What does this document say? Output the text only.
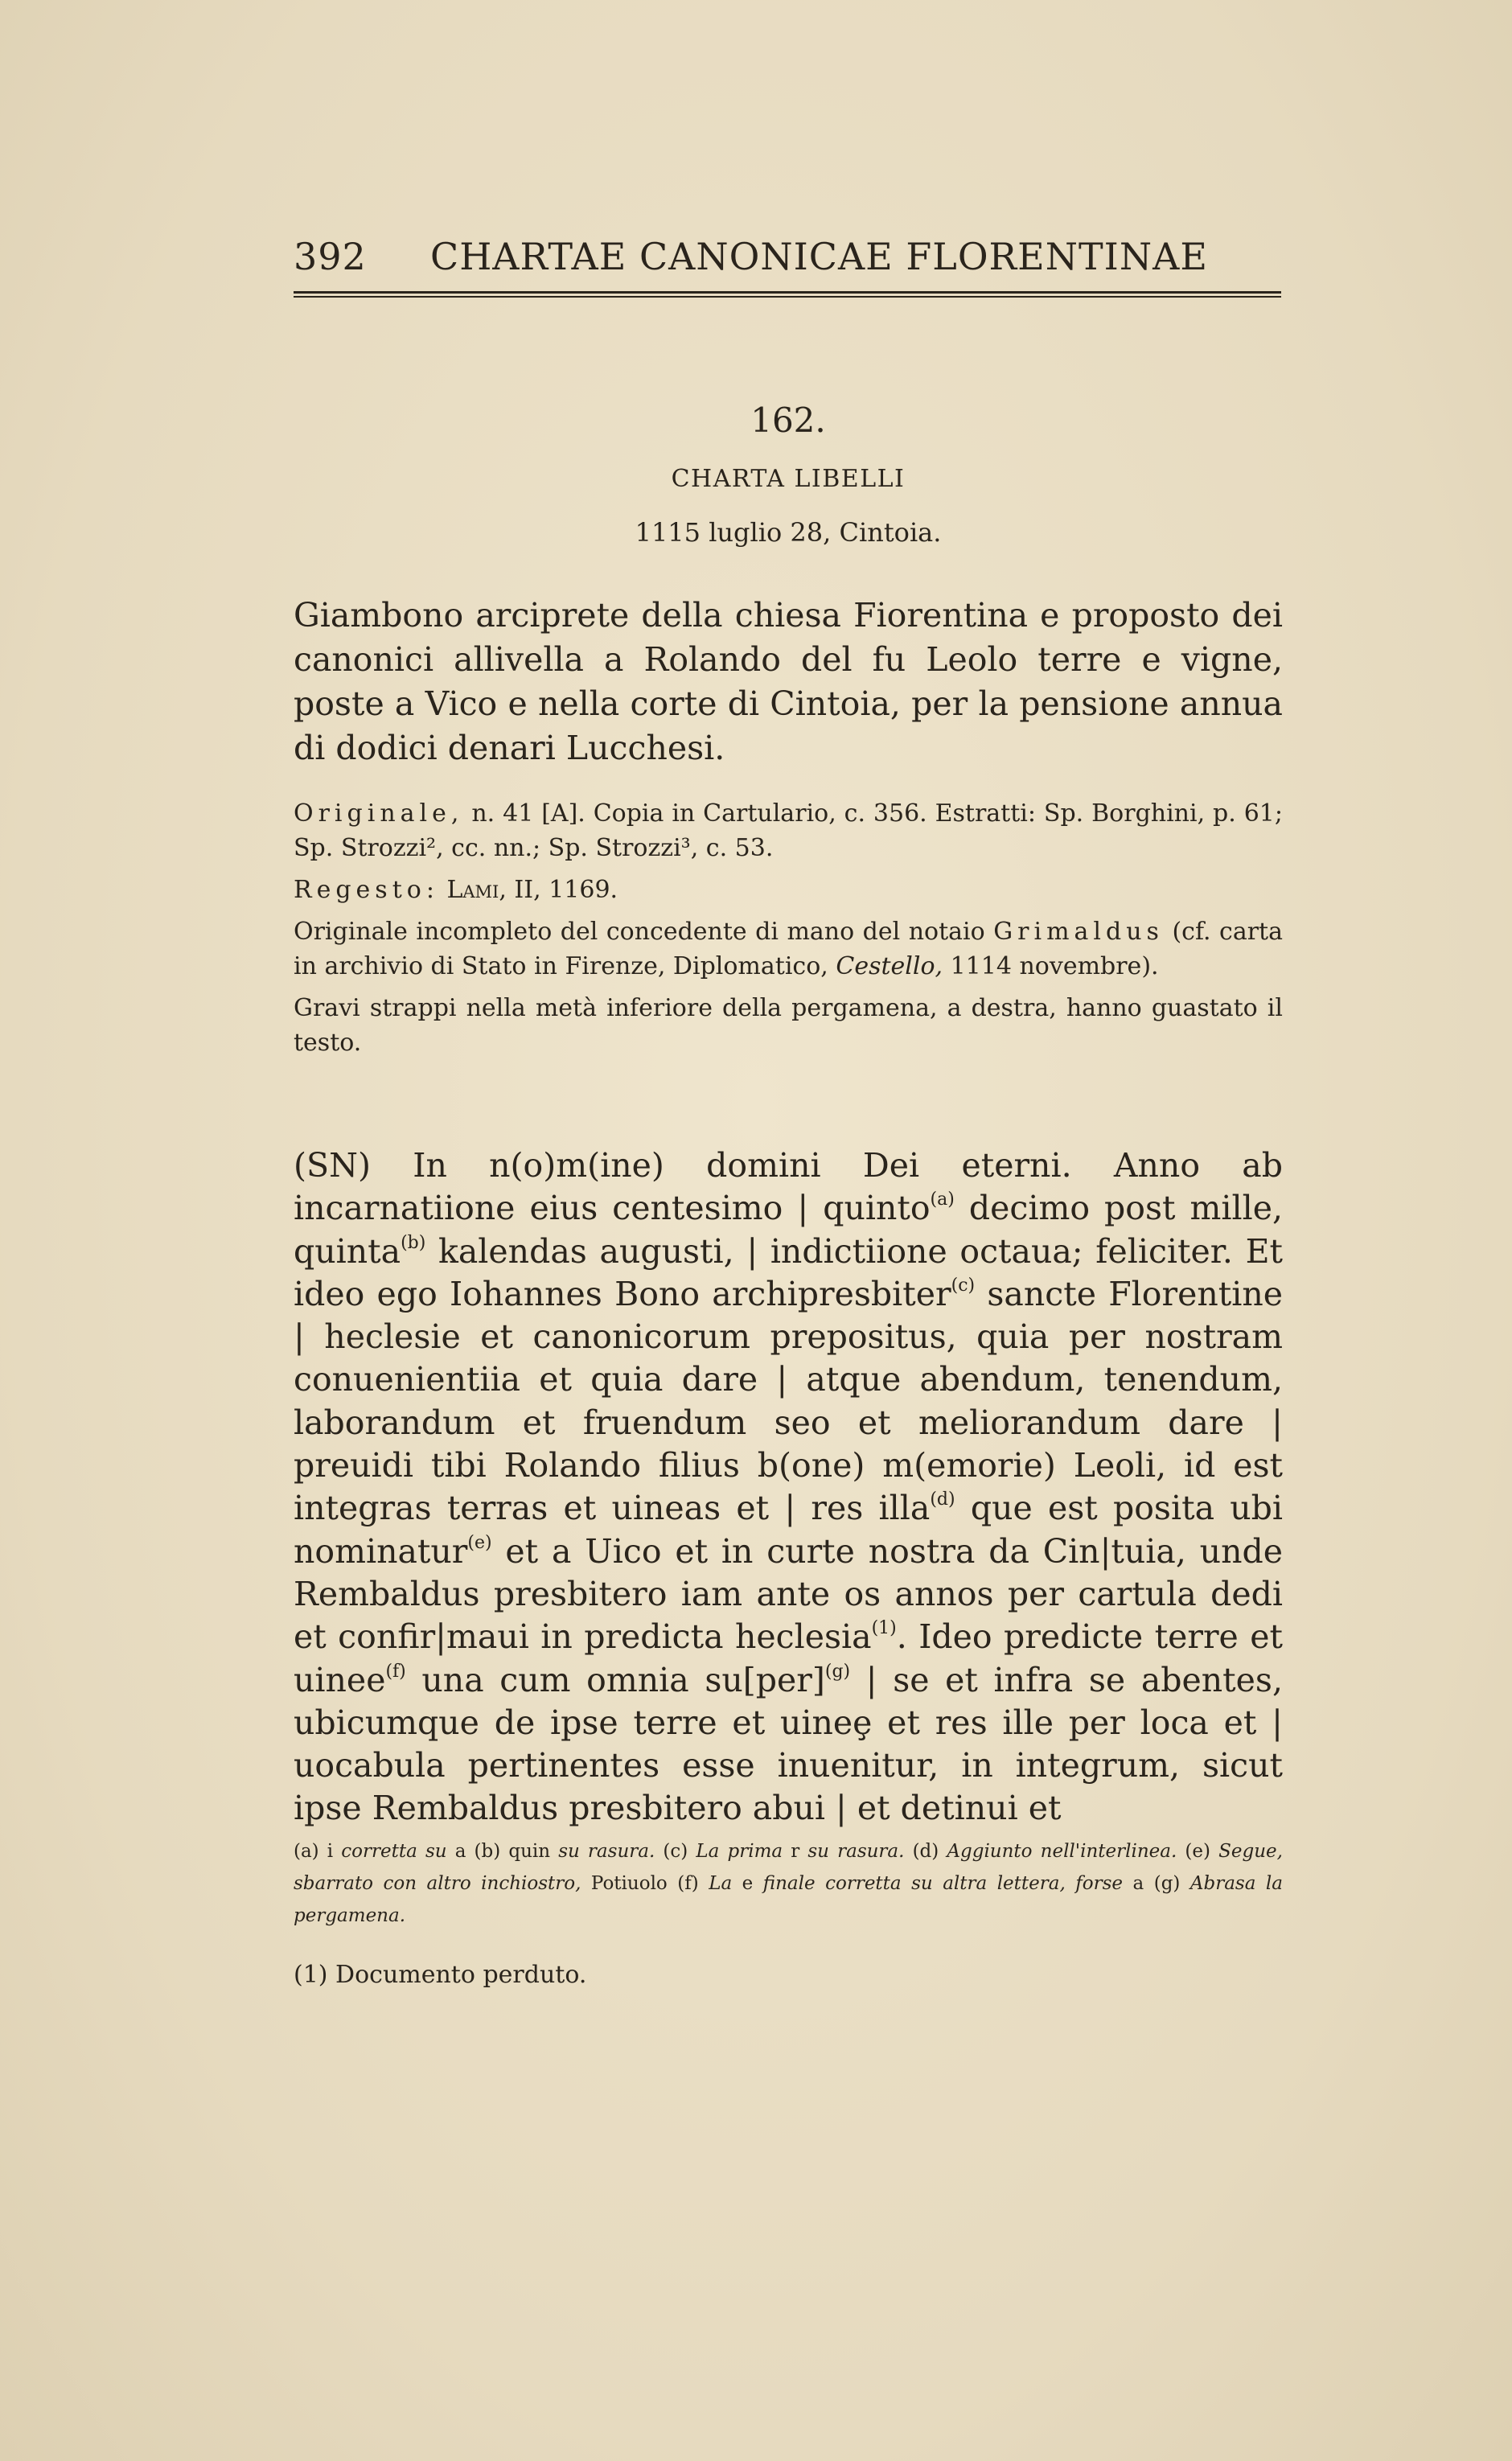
392 CHARTAE CANONICAE FLORENTINAE
162.
CHARTA LIBELLI
1115 luglio 28, Cintoia.
Giambono arciprete della chiesa Fiorentina e proposto dei canonici allivella a Rolando del fu Leolo terre e vigne, poste a Vico e nella corte di Cintoia, per la pensione annua di dodici denari Lucchesi.

Originale, n. 41 [A]. Copia in Cartulario, c. 356. Estratti: Sp. Borghini, p. 61; Sp. Strozzi², cc. nn.; Sp. Strozzi³, c. 53.

Regesto: Lami, II, 1169.

Originale incompleto del concedente di mano del notaio Grimaldus (cf. carta in archivio di Stato in Firenze, Diplomatico, Cestello, 1114 novembre).

Gravi strappi nella metà inferiore della pergamena, a destra, hanno guastato il testo.

(SN) In n(o)m(ine) domini Dei eterni. Anno ab incarnatiione eius centesimo | quinto$^{(a)}$ decimo post mille, quinta$^{(b)}$ kalendas augusti, | indictiione octaua; feliciter. Et ideo ego Iohannes Bono archipresbiter$^{(c)}$ sancte Florentine | heclesie et canonicorum prepositus, quia per nostram conuenientiia et quia dare | atque abendum, tenendum, laborandum et fruendum seo et meliorandum dare | preuidi tibi Rolando filius b(one) m(emorie) Leoli, id est integras terras et uineas et | res illa$^{(d)}$ que est posita ubi nominatur$^{(e)}$ et a Uico et in curte nostra da Cin|tuia, unde Rembaldus presbitero iam ante os annos per cartula dedi et confir|maui in predicta heclesia$^{(1)}$. Ideo predicte terre et uinee$^{(f)}$ una cum omnia su[per]$^{(g)}$ | se et infra se abentes, ubicumque de ipse terre et uineȩ et res ille per loca et | uocabula pertinentes esse inuenitur, in integrum, sicut ipse Rembaldus presbitero abui | et detinui et
(a) i corretta su a (b) quin su rasura. (c) La prima r su rasura. (d) Aggiunto nell'interlinea. (e) Segue, sbarrato con altro inchiostro, Potiuolo (f) La e finale corretta su altra lettera, forse a (g) Abrasa la pergamena.
(1) Documento perduto.
